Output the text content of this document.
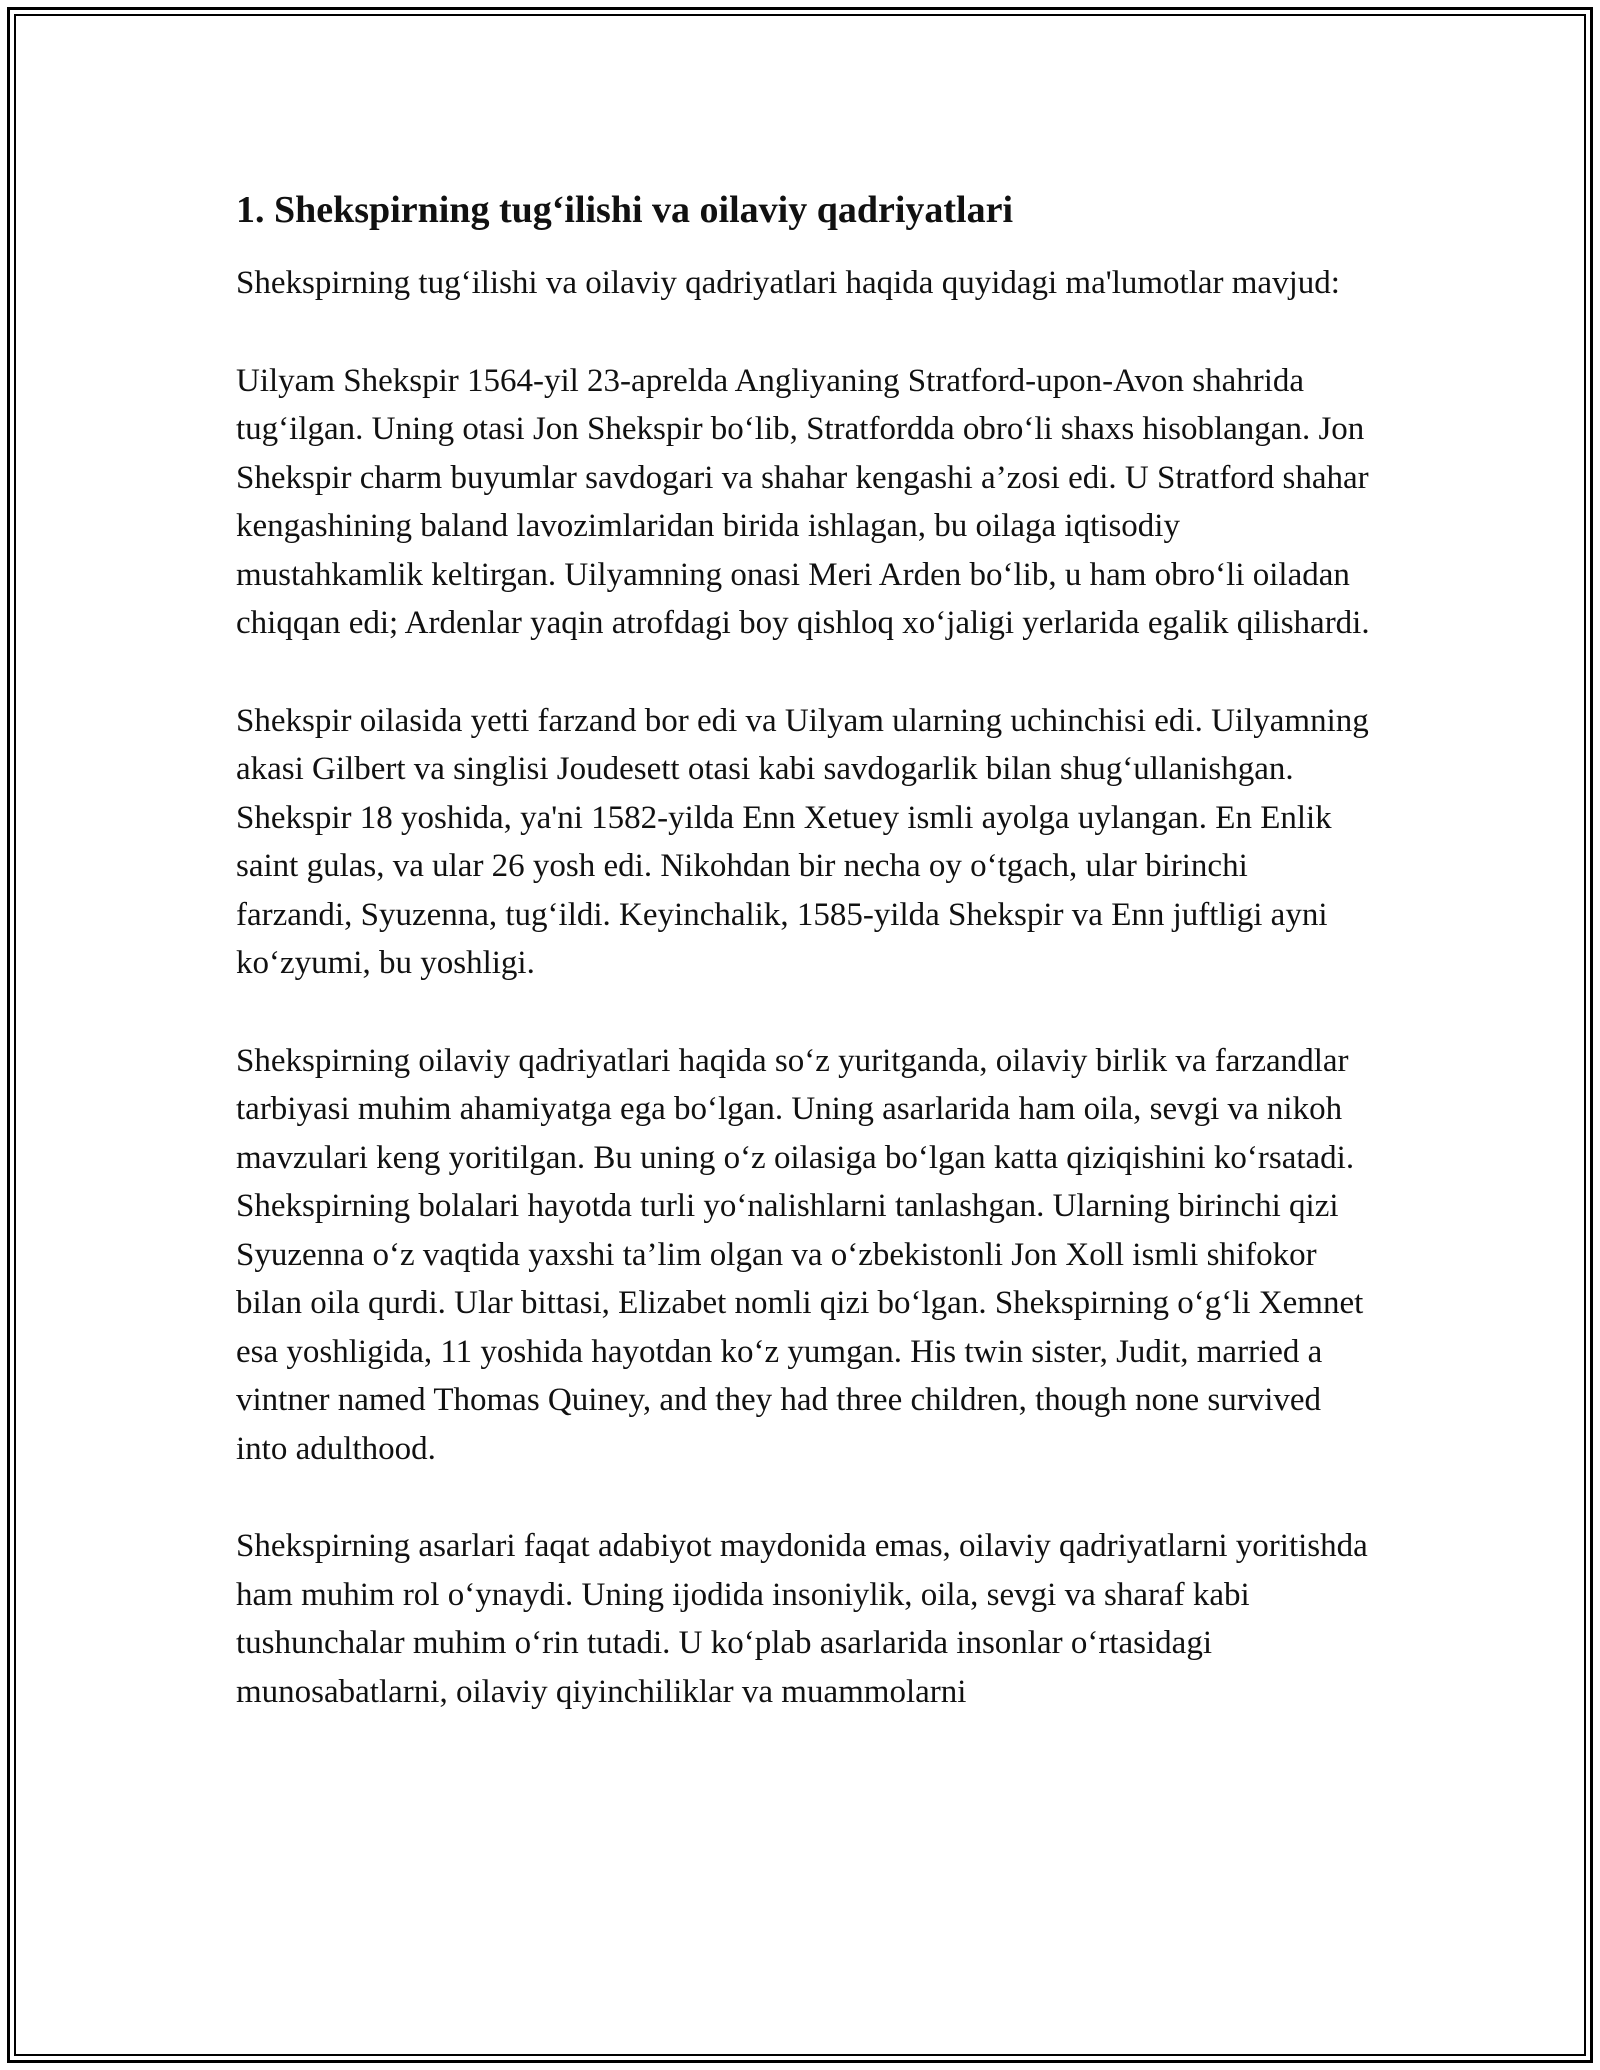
1. Shekspirning tug‘ilishi va oilaviy qadriyatlari

Shekspirning tug‘ilishi va oilaviy qadriyatlari haqida quyidagi ma'lumotlar mavjud:

Uilyam Shekspir 1564-yil 23-aprelda Angliyaning Stratford-upon-Avon shahrida tug‘ilgan. Uning otasi Jon Shekspir bo‘lib, Stratfordda obro‘li shaxs hisoblangan. Jon Shekspir charm buyumlar savdogari va shahar kengashi a’zosi edi. U Stratford shahar kengashining baland lavozimlaridan birida ishlagan, bu oilaga iqtisodiy mustahkamlik keltirgan. Uilyamning onasi Meri Arden bo‘lib, u ham obro‘li oiladan chiqqan edi; Ardenlar yaqin atrofdagi boy qishloq xo‘jaligi yerlarida egalik qilishardi.

Shekspir oilasida yetti farzand bor edi va Uilyam ularning uchinchisi edi. Uilyamning akasi Gilbert va singlisi Joudesett otasi kabi savdogarlik bilan shug‘ullanishgan. Shekspir 18 yoshida, ya'ni 1582-yilda Enn Xetuey ismli ayolga uylangan. En Enlik saint gulas, va ular 26 yosh edi. Nikohdan bir necha oy o‘tgach, ular birinchi farzandi, Syuzenna, tug‘ildi. Keyinchalik, 1585-yilda Shekspir va Enn juftligi ayni ko‘zyumi, bu yoshligi.

Shekspirning oilaviy qadriyatlari haqida so‘z yuritganda, oilaviy birlik va farzandlar tarbiyasi muhim ahamiyatga ega bo‘lgan. Uning asarlarida ham oila, sevgi va nikoh mavzulari keng yoritilgan. Bu uning o‘z oilasiga bo‘lgan katta qiziqishini ko‘rsatadi. Shekspirning bolalari hayotda turli yo‘nalishlarni tanlashgan. Ularning birinchi qizi Syuzenna o‘z vaqtida yaxshi ta’lim olgan va o‘zbekistonli Jon Xoll ismli shifokor bilan oila qurdi. Ular bittasi, Elizabet nomli qizi bo‘lgan. Shekspirning o‘g‘li Xemnet esa yoshligida, 11 yoshida hayotdan ko‘z yumgan. His twin sister, Judit, married a vintner named Thomas Quiney, and they had three children, though none survived into adulthood.

Shekspirning asarlari faqat adabiyot maydonida emas, oilaviy qadriyatlarni yoritishda ham muhim rol o‘ynaydi. Uning ijodida insoniylik, oila, sevgi va sharaf kabi tushunchalar muhim o‘rin tutadi. U ko‘plab asarlarida insonlar o‘rtasidagi munosabatlarni, oilaviy qiyinchiliklar va muammolarni
